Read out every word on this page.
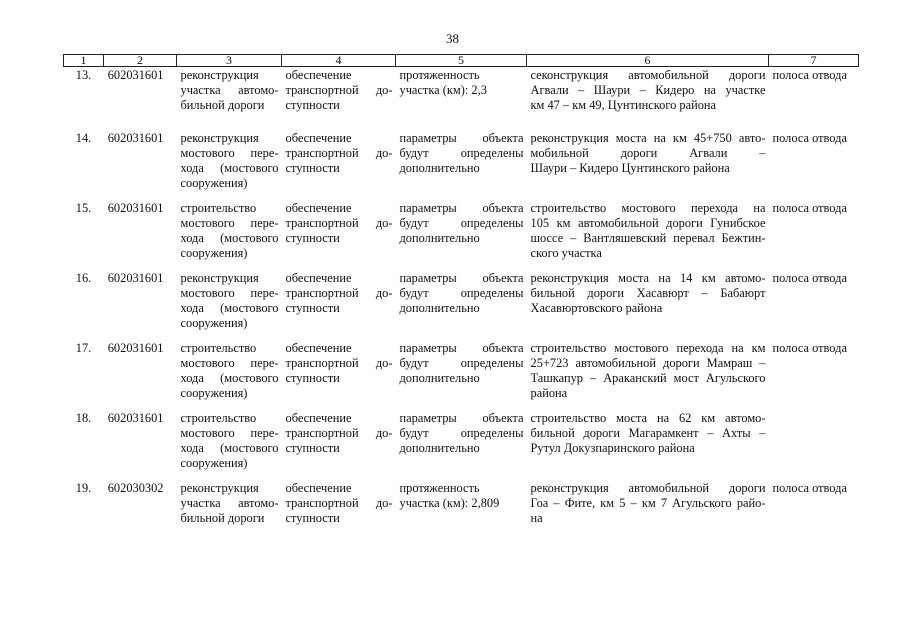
38
1	2	3	4	5	6	7
13.	602031601	реконструкция
участка автомо-
бильной дороги	обеспечение
транспортной до-
ступности	протяженность
участка (км): 2,3	секонструкция автомобильной дороги
Агвали – Шаури – Кидеро на участке
км 47 – км 49, Цунтинского района	полоса отвода
14.	602031601	реконструкция
мостового пере-
хода (мостового
сооружения)	обеспечение
транспортной до-
ступности	параметры объекта
будут определены
дополнительно	реконструкция моста на км 45+750 авто-
мобильной дороги Агвали –
Шаури – Кидеро Цунтинского района	полоса отвода
15.	602031601	строительство
мостового пере-
хода (мостового
сооружения)	обеспечение
транспортной до-
ступности	параметры объекта
будут определены
дополнительно	строительство мостового перехода на
105 км автомобильной дороги Гунибское
шоссе – Вантляшевский перевал Бежтин-
ского участка	полоса отвода
16.	602031601	реконструкция
мостового пере-
хода (мостового
сооружения)	обеспечение
транспортной до-
ступности	параметры объекта
будут определены
дополнительно	реконструкция моста на 14 км автомо-
бильной дороги Хасавюрт – Бабаюрт
Хасавюртовского района	полоса отвода
17.	602031601	строительство
мостового пере-
хода (мостового
сооружения)	обеспечение
транспортной до-
ступности	параметры объекта
будут определены
дополнительно	строительство мостового перехода на км
25+723 автомобильной дороги Мамраш –
Ташкапур – Араканский мост Агульского
района	полоса отвода
18.	602031601	строительство
мостового пере-
хода (мостового
сооружения)	обеспечение
транспортной до-
ступности	параметры объекта
будут определены
дополнительно	строительство моста на 62 км автомо-
бильной дороги Магарамкент – Ахты –
Рутул Докузпаринского района	

19.	602030302	реконструкция
участка автомо-
бильной дороги	обеспечение
транспортной до-
ступности	протяженность
участка (км): 2,809	реконструкция автомобильной дороги
Гоа – Фите, км 5 – км 7 Агульского райо-
на	полоса отвода
